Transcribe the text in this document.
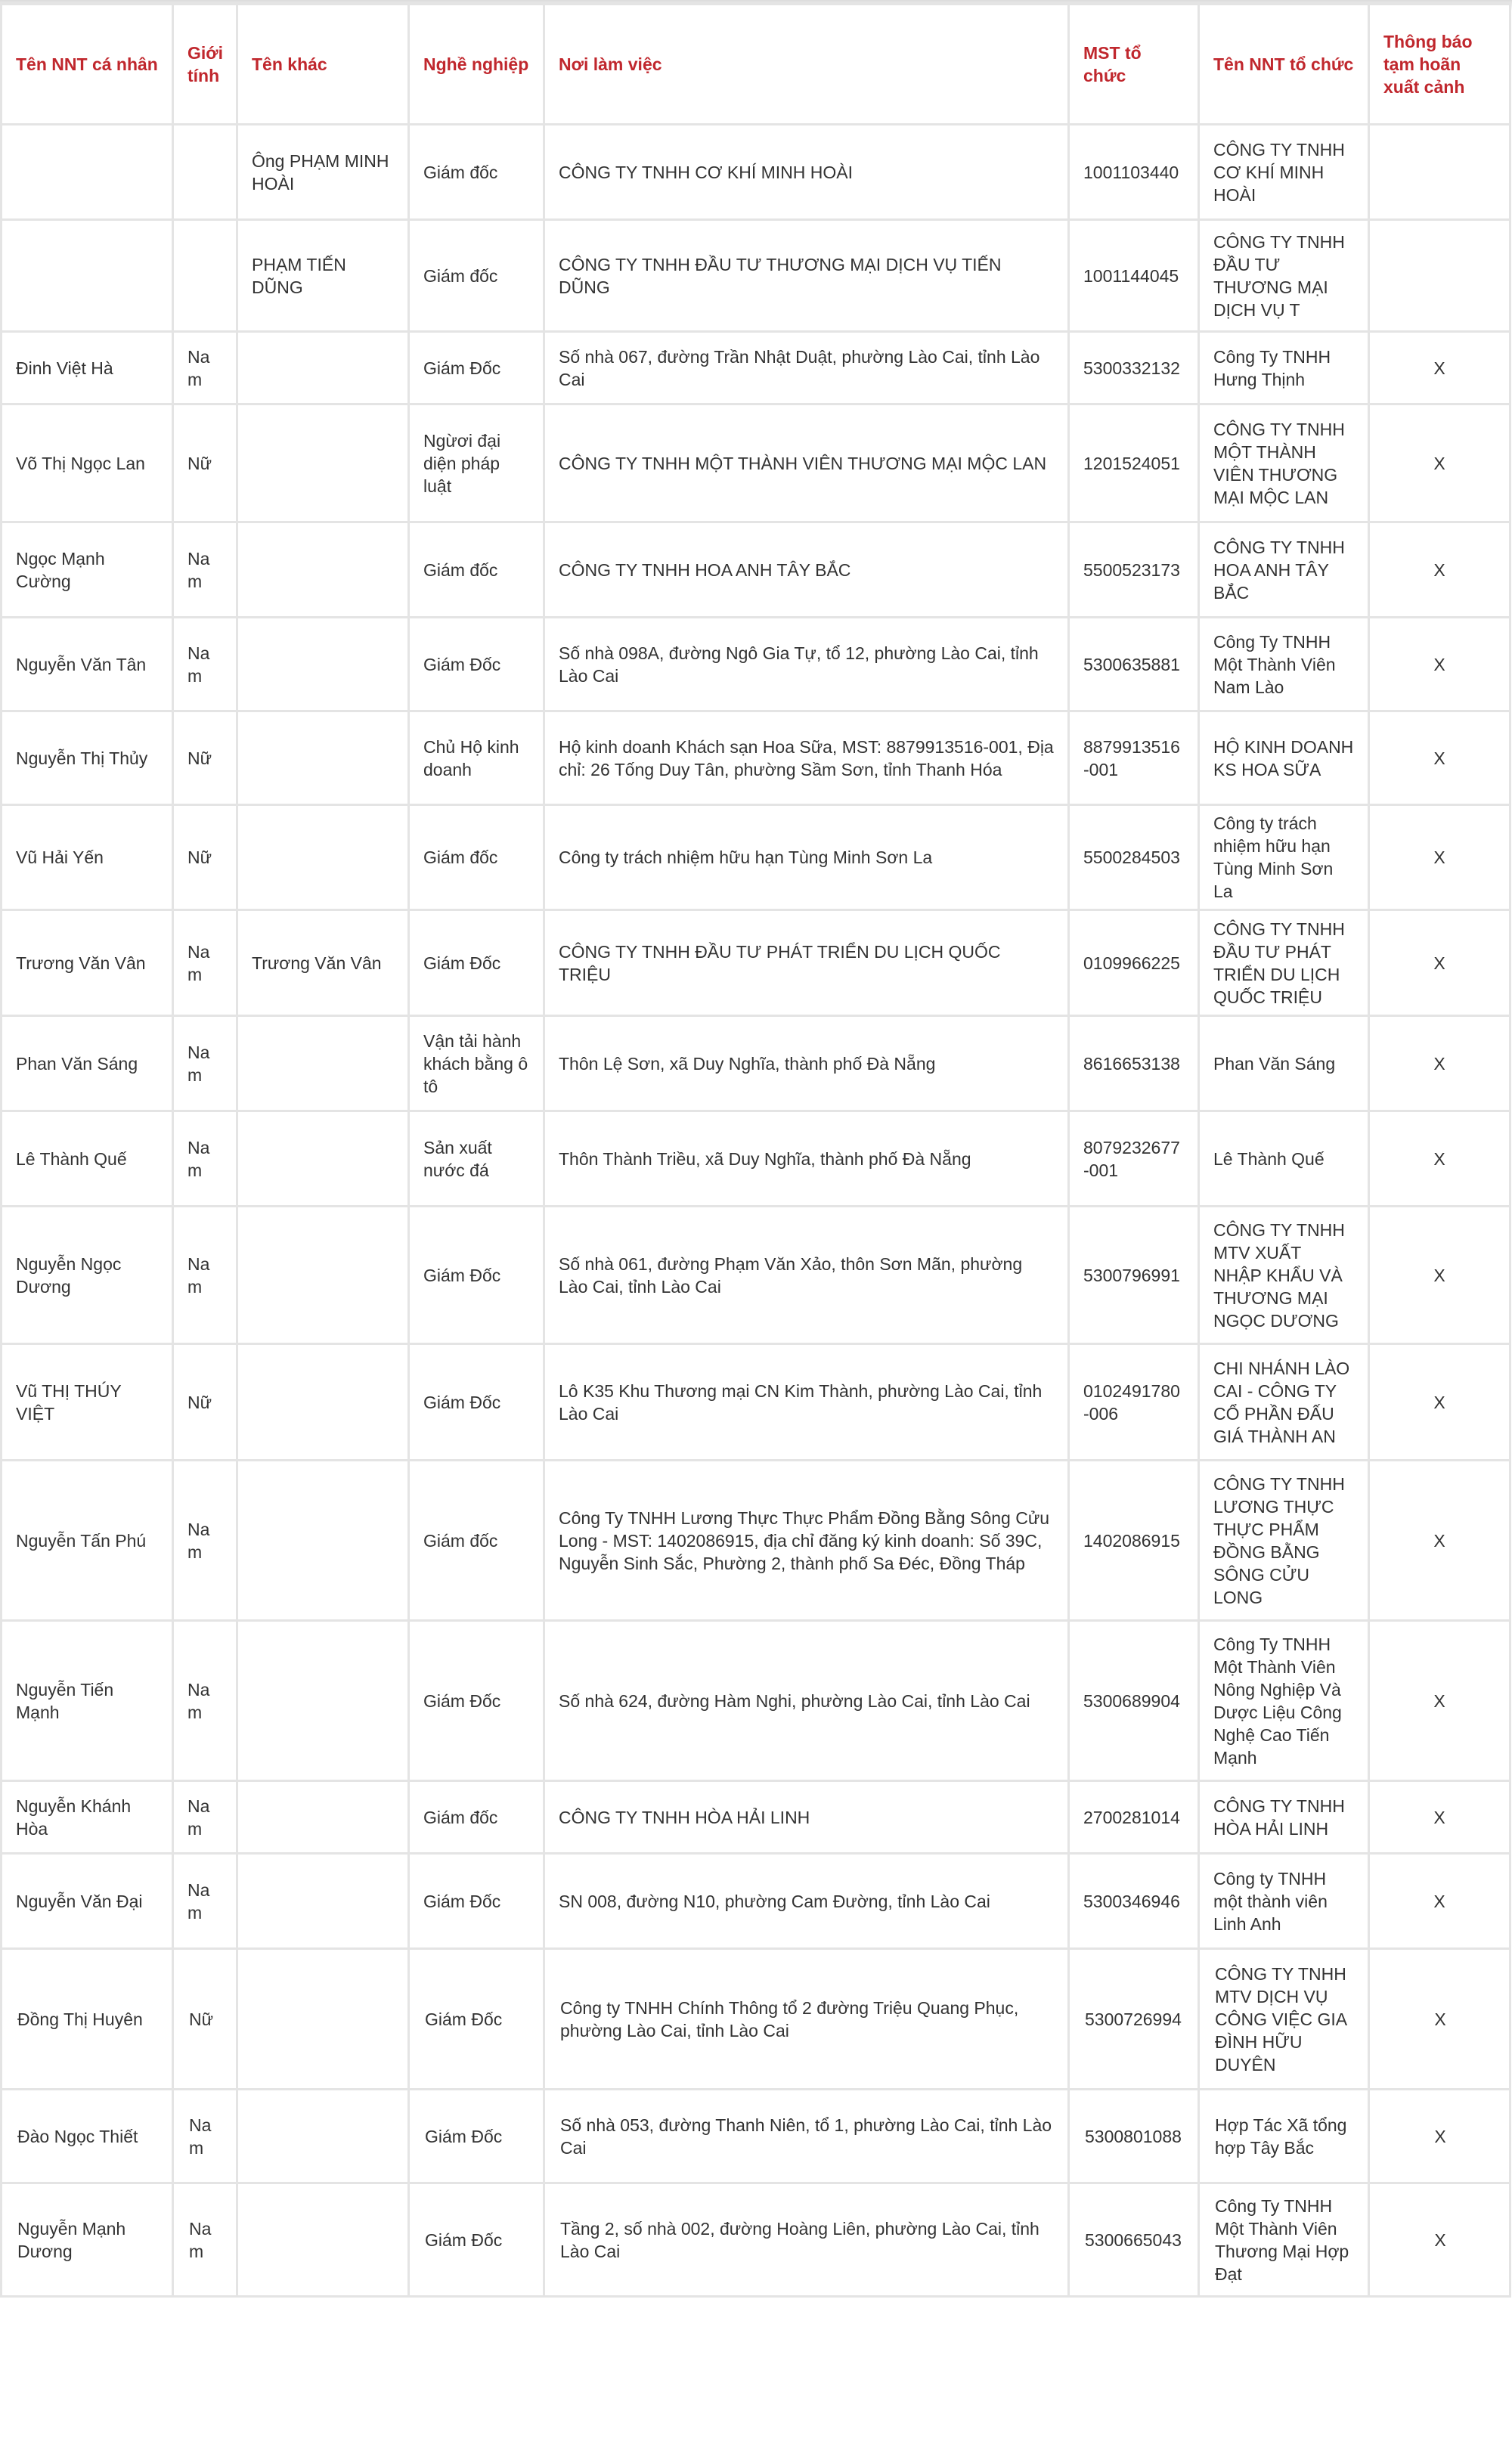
Tên NNT cá nhân	Giới tính	Tên khác	Nghề nghiệp	Nơi làm việc	MST tổ chức	Tên NNT tổ chức	Thông báo tạm hoãn xuất cảnh
		Ông PHẠM MINH HOÀI	Giám đốc	CÔNG TY TNHH CƠ KHÍ MINH HOÀI	1001103440	CÔNG TY TNHH CƠ KHÍ MINH HOÀI	
		PHẠM TIẾN DŨNG	Giám đốc	CÔNG TY TNHH ĐẦU TƯ THƯƠNG MẠI DỊCH VỤ TIẾN DŨNG	1001144045	CÔNG TY TNHH ĐẦU TƯ THƯƠNG MẠI DỊCH VỤ T	
Đinh Việt Hà	Nam		Giám Đốc	Số nhà 067, đường Trần Nhật Duật, phường Lào Cai, tỉnh Lào Cai	5300332132	Công Ty TNHH Hưng Thịnh	X
Võ Thị Ngọc Lan	Nữ		Ngừơi đại diện pháp luật	CÔNG TY TNHH MỘT THÀNH VIÊN THƯƠNG MẠI MỘC LAN	1201524051	CÔNG TY TNHH MỘT THÀNH VIÊN THƯƠNG MẠI MỘC LAN	X
Ngọc Mạnh Cường	Nam		Giám đốc	CÔNG TY TNHH HOA ANH TÂY BẮC	5500523173	CÔNG TY TNHH HOA ANH TÂY BẮC	X
Nguyễn Văn Tân	Nam		Giám Đốc	Số nhà 098A, đường Ngô Gia Tự, tổ 12, phường Lào Cai, tỉnh Lào Cai	5300635881	Công Ty TNHH Một Thành Viên Nam Lào	X
Nguyễn Thị Thủy	Nữ		Chủ Hộ kinh doanh	Hộ kinh doanh Khách sạn Hoa Sữa, MST: 8879913516-001, Địa chỉ: 26 Tống Duy Tân, phường Sầm Sơn, tỉnh Thanh Hóa	8879913516-001	HỘ KINH DOANH KS HOA SỮA	X
Vũ Hải Yến	Nữ		Giám đốc	Công ty trách nhiệm hữu hạn Tùng Minh Sơn La	5500284503	Công ty trách nhiệm hữu hạn Tùng Minh Sơn La	X
Trương Văn Vân	Nam	Trương Văn Vân	Giám Đốc	CÔNG TY TNHH ĐẦU TƯ PHÁT TRIỂN DU LỊCH QUỐC TRIỆU	0109966225	CÔNG TY TNHH ĐẦU TƯ PHÁT TRIỂN DU LỊCH QUỐC TRIỆU	X
Phan Văn Sáng	Nam		Vận tải hành khách bằng ô tô	Thôn Lệ Sơn, xã Duy Nghĩa, thành phố Đà Nẵng	8616653138	Phan Văn Sáng	X
Lê Thành Quế	Nam		Sản xuất nước đá	Thôn Thành Triều, xã Duy Nghĩa, thành phố Đà Nẵng	8079232677-001	Lê Thành Quế	X
Nguyễn Ngọc Dương	Nam		Giám Đốc	Số nhà 061, đường Phạm Văn Xảo, thôn Sơn Mãn, phường Lào Cai, tỉnh Lào Cai	5300796991	CÔNG TY TNHH MTV XUẤT NHẬP KHẨU VÀ THƯƠNG MẠI NGỌC DƯƠNG	X
Vũ THỊ THÚY VIỆT	Nữ		Giám Đốc	Lô K35 Khu Thương mại CN Kim Thành, phường Lào Cai, tỉnh Lào Cai	0102491780-006	CHI NHÁNH LÀO CAI - CÔNG TY CỔ PHẦN ĐẤU GIÁ THÀNH AN	X
Nguyễn Tấn Phú	Nam		Giám đốc	Công Ty TNHH Lương Thực Thực Phẩm Đồng Bằng Sông Cửu Long - MST: 1402086915, địa chỉ đăng ký kinh doanh: Số 39C, Nguyễn Sinh Sắc, Phường 2, thành phố Sa Đéc, Đồng Tháp	1402086915	CÔNG TY TNHH LƯƠNG THỰC THỰC PHẨM ĐỒNG BẰNG SÔNG CỬU LONG	X
Nguyễn Tiến Mạnh	Nam		Giám Đốc	Số nhà 624, đường Hàm Nghi, phường Lào Cai, tỉnh Lào Cai	5300689904	Công Ty TNHH Một Thành Viên Nông Nghiệp Và Dược Liệu Công Nghệ Cao Tiến Mạnh	X
Nguyễn Khánh Hòa	Nam		Giám đốc	CÔNG TY TNHH HÒA HẢI LINH	2700281014	CÔNG TY TNHH HÒA HẢI LINH	X
Nguyễn Văn Đại	Nam		Giám Đốc	SN 008, đường N10, phường Cam Đường, tỉnh Lào Cai	5300346946	Công ty TNHH một thành viên Linh Anh	X
Đồng Thị Huyên	Nữ		Giám Đốc	Công ty TNHH Chính Thông tổ 2 đường Triệu Quang Phục, phường Lào Cai, tỉnh Lào Cai	5300726994	CÔNG TY TNHH MTV DỊCH VỤ CÔNG VIỆC GIA ĐÌNH HỮU DUYÊN	X
Đào Ngọc Thiết	Nam		Giám Đốc	Số nhà 053, đường Thanh Niên, tổ 1, phường Lào Cai, tỉnh Lào Cai	5300801088	Hợp Tác Xã tổng hợp Tây Bắc	X
Nguyễn Mạnh Dương	Nam		Giám Đốc	Tầng 2, số nhà 002, đường Hoàng Liên, phường Lào Cai, tỉnh Lào Cai	5300665043	Công Ty TNHH Một Thành Viên Thương Mại Hợp Đạt	X
